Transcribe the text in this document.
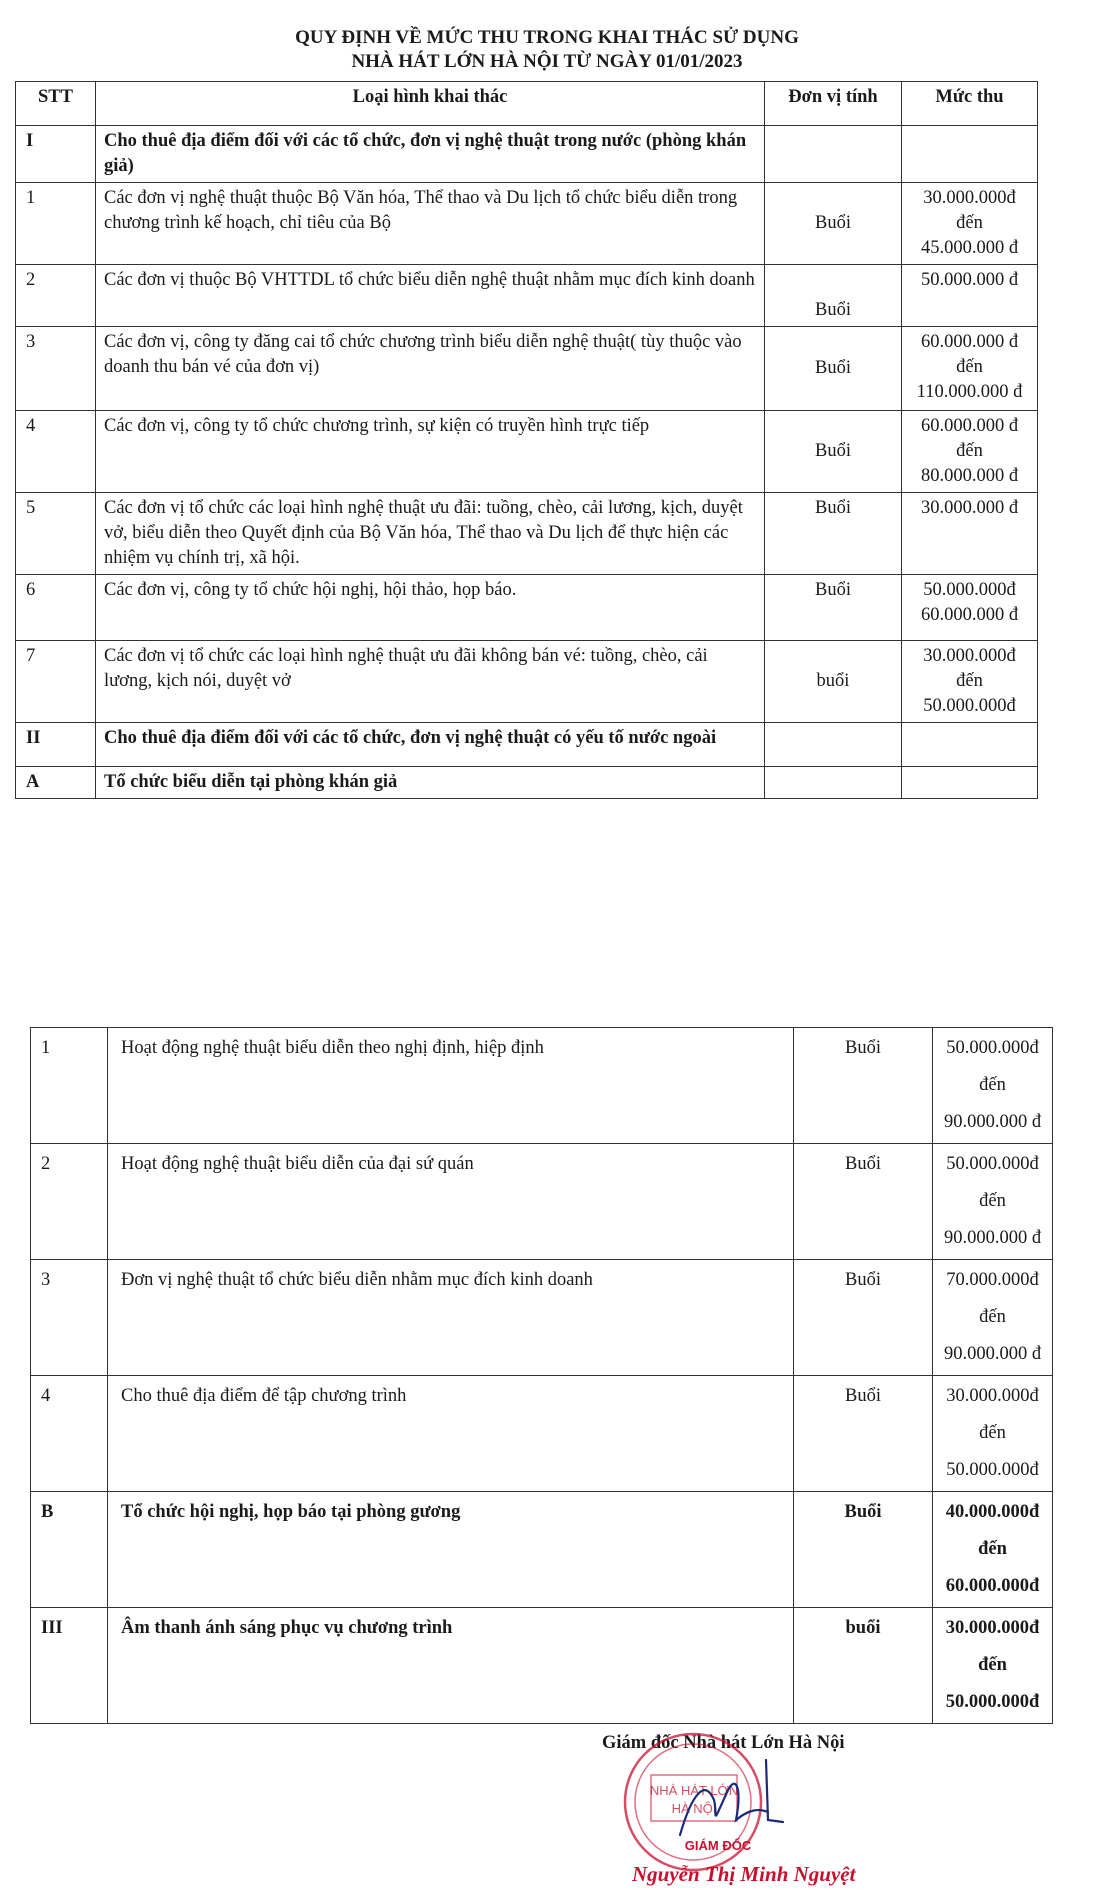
QUY ĐỊNH VỀ MỨC THU TRONG KHAI THÁC SỬ DỤNG
NHÀ HÁT LỚN HÀ NỘI TỪ NGÀY 01/01/2023
STT	Loại hình khai thác	Đơn vị tính	Mức thu
I	Cho thuê địa điểm đối với các tổ chức, đơn vị nghệ thuật trong nước (phòng khán giả)		

1	Các đơn vị nghệ thuật thuộc Bộ Văn hóa, Thể thao và Du lịch tổ chức biểu diễn trong chương trình kế hoạch, chỉ tiêu của Bộ	Buổi	30.000.000đ
đến
45.000.000 đ

2	Các đơn vị thuộc Bộ VHTTDL tổ chức biểu diễn nghệ thuật nhằm mục đích kinh doanh	Buổi	50.000.000 đ

3	Các đơn vị, công ty đăng cai tổ chức chương trình biểu diễn nghệ thuật( tùy thuộc vào doanh thu bán vé của đơn vị)	Buổi	60.000.000 đ
đến
110.000.000 đ

4	Các đơn vị, công ty tổ chức chương trình, sự kiện có truyền hình trực tiếp	Buổi	60.000.000 đ
đến
80.000.000 đ

5	Các đơn vị tổ chức các loại hình nghệ thuật ưu đãi: tuồng, chèo, cải lương, kịch, duyệt vở, biểu diễn theo Quyết định của Bộ Văn hóa, Thể thao và Du lịch để thực hiện các nhiệm vụ chính trị, xã hội.	Buổi	30.000.000 đ

6	Các đơn vị, công ty tổ chức hội nghị, hội thảo, họp báo.	Buổi	50.000.000đ
60.000.000 đ

7	Các đơn vị tổ chức các loại hình nghệ thuật ưu đãi không bán vé: tuồng, chèo, cải lương, kịch nói, duyệt vở	buổi	30.000.000đ
đến
50.000.000đ

II	Cho thuê địa điểm đối với các tổ chức, đơn vị nghệ thuật có yếu tố nước ngoài		

A	Tổ chức biểu diễn tại phòng khán giả		
1	Hoạt động nghệ thuật biểu diễn theo nghị định, hiệp định	Buổi	50.000.000đ
đến
90.000.000 đ

2	Hoạt động nghệ thuật biểu diễn của đại sứ quán	Buổi	50.000.000đ
đến
90.000.000 đ

3	Đơn vị nghệ thuật tổ chức biểu diễn nhằm mục đích kinh doanh	Buổi	70.000.000đ
đến
90.000.000 đ

4	Cho thuê địa điểm để tập chương trình	Buổi	30.000.000đ
đến
50.000.000đ

B	Tổ chức hội nghị, họp báo tại phòng gương	Buổi	40.000.000đ
đến
60.000.000đ

III	Âm thanh ánh sáng phục vụ chương trình	buổi	30.000.000đ
đến
50.000.000đ
Giám đốc Nhà hát Lớn Hà Nội
NHÀ HÁT LỚN
HÀ NỘI
GIÁM ĐỐC
Nguyễn Thị Minh Nguyệt
